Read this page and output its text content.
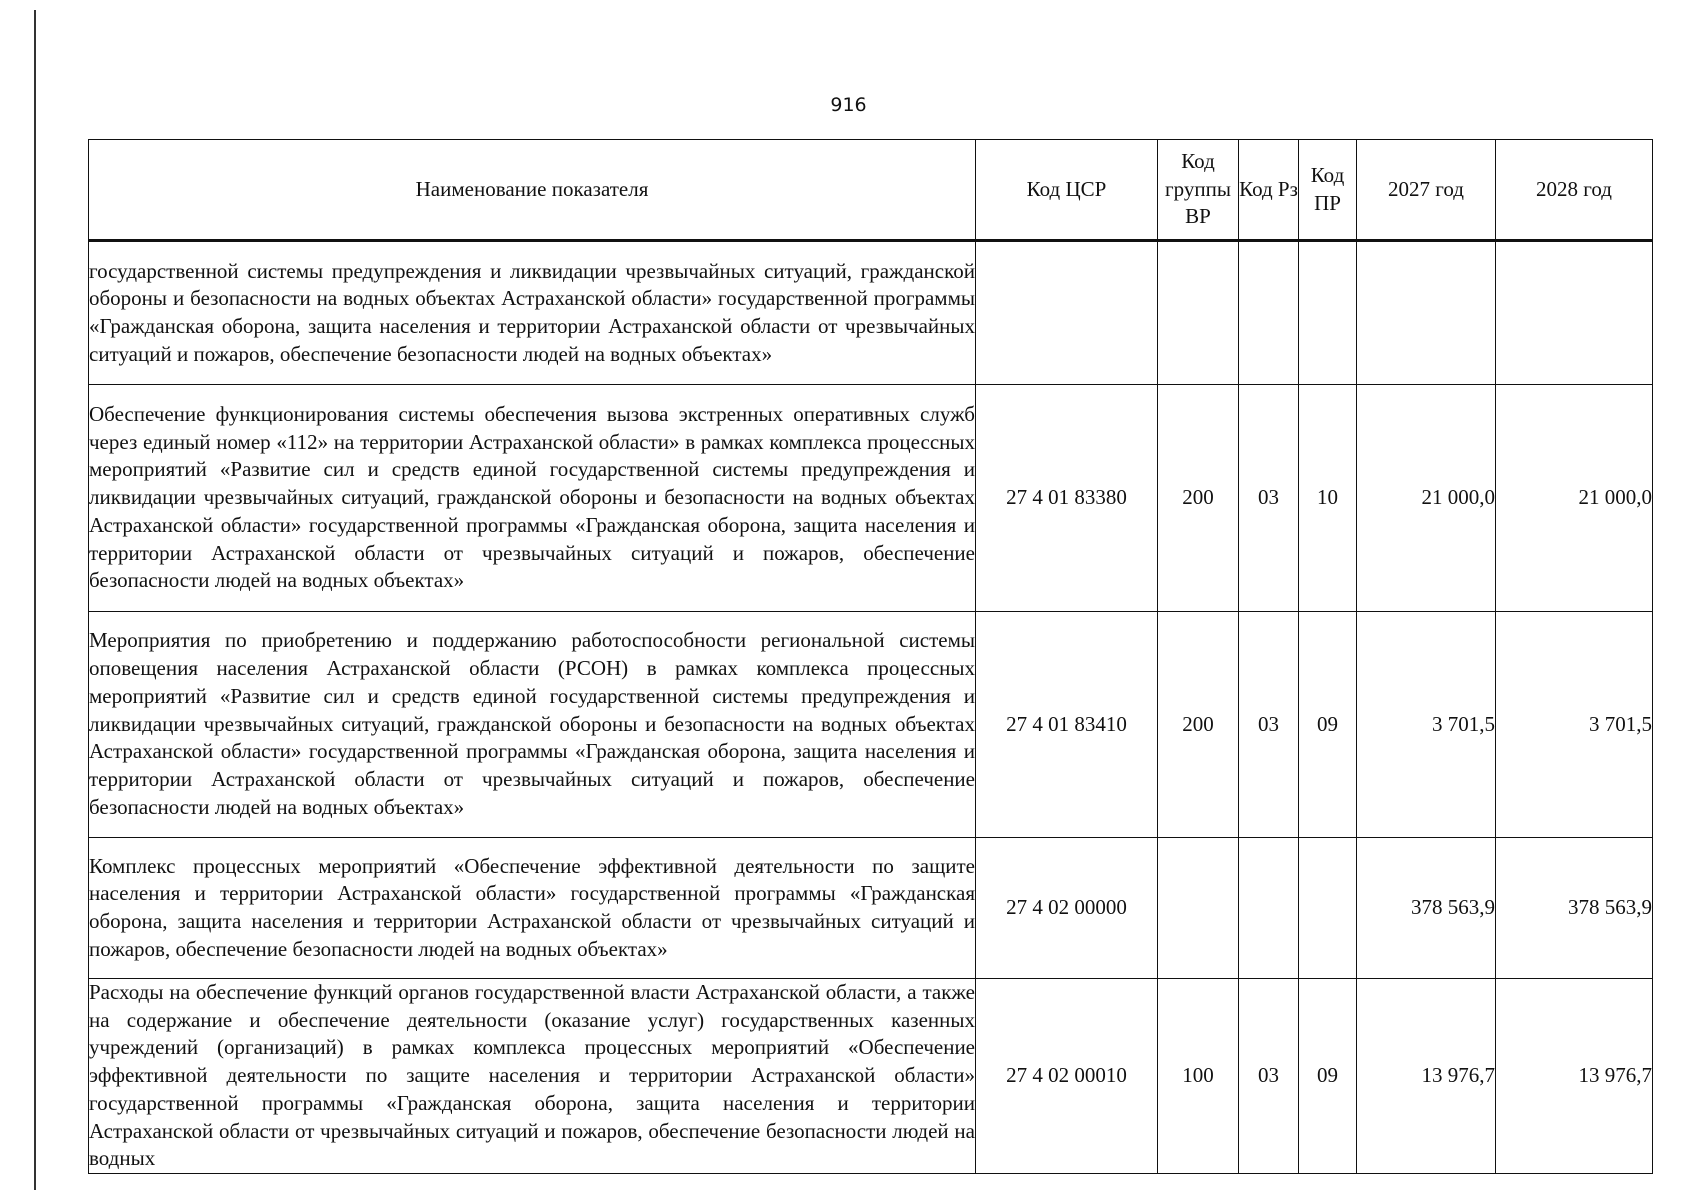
916
Наименование показателя	Код ЦСР	Код группы ВР	Код Рз	Код ПР	2027 год	2028 год
государственной системы предупреждения и ликвидации чрезвычайных ситуаций, гражданской обороны и безопасности на водных объектах Астраханской области» государственной программы «Гражданская оборона, защита населения и территории Астраханской области от чрезвычайных ситуаций и пожаров, обеспечение безопасности людей на водных объектах»						
Обеспечение функционирования системы обеспечения вызова экстренных оперативных служб через единый номер «112» на территории Астраханской области» в рамках комплекса процессных мероприятий «Развитие сил и средств единой государственной системы предупреждения и ликвидации чрезвычайных ситуаций, гражданской обороны и безопасности на водных объектах Астраханской области» государственной программы «Гражданская оборона, защита населения и территории Астраханской области от чрезвычайных ситуаций и пожаров, обеспечение безопасности людей на водных объектах»	27 4 01 83380	200	03	10	21 000,0	21 000,0
Мероприятия по приобретению и поддержанию работоспособности региональной системы оповещения населения Астраханской области (РСОН) в рамках комплекса процессных мероприятий «Развитие сил и средств единой государственной системы предупреждения и ликвидации чрезвычайных ситуаций, гражданской обороны и безопасности на водных объектах Астраханской области» государственной программы «Гражданская оборона, защита населения и территории Астраханской области от чрезвычайных ситуаций и пожаров, обеспечение безопасности людей на водных объектах»	27 4 01 83410	200	03	09	3 701,5	3 701,5
Комплекс процессных мероприятий «Обеспечение эффективной деятельности по защите населения и территории Астраханской области» государственной программы «Гражданская оборона, защита населения и территории Астраханской области от чрезвычайных ситуаций и пожаров, обеспечение безопасности людей на водных объектах»	27 4 02 00000				378 563,9	378 563,9
Расходы на обеспечение функций органов государственной власти Астраханской области, а также на содержание и обеспечение деятельности (оказание услуг) государственных казенных учреждений (организаций) в рамках комплекса процессных мероприятий «Обеспечение эффективной деятельности по защите населения и территории Астраханской области» государственной программы «Гражданская оборона, защита населения и территории Астраханской области от чрезвычайных ситуаций и пожаров, обеспечение безопасности людей на водных	27 4 02 00010	100	03	09	13 976,7	13 976,7
